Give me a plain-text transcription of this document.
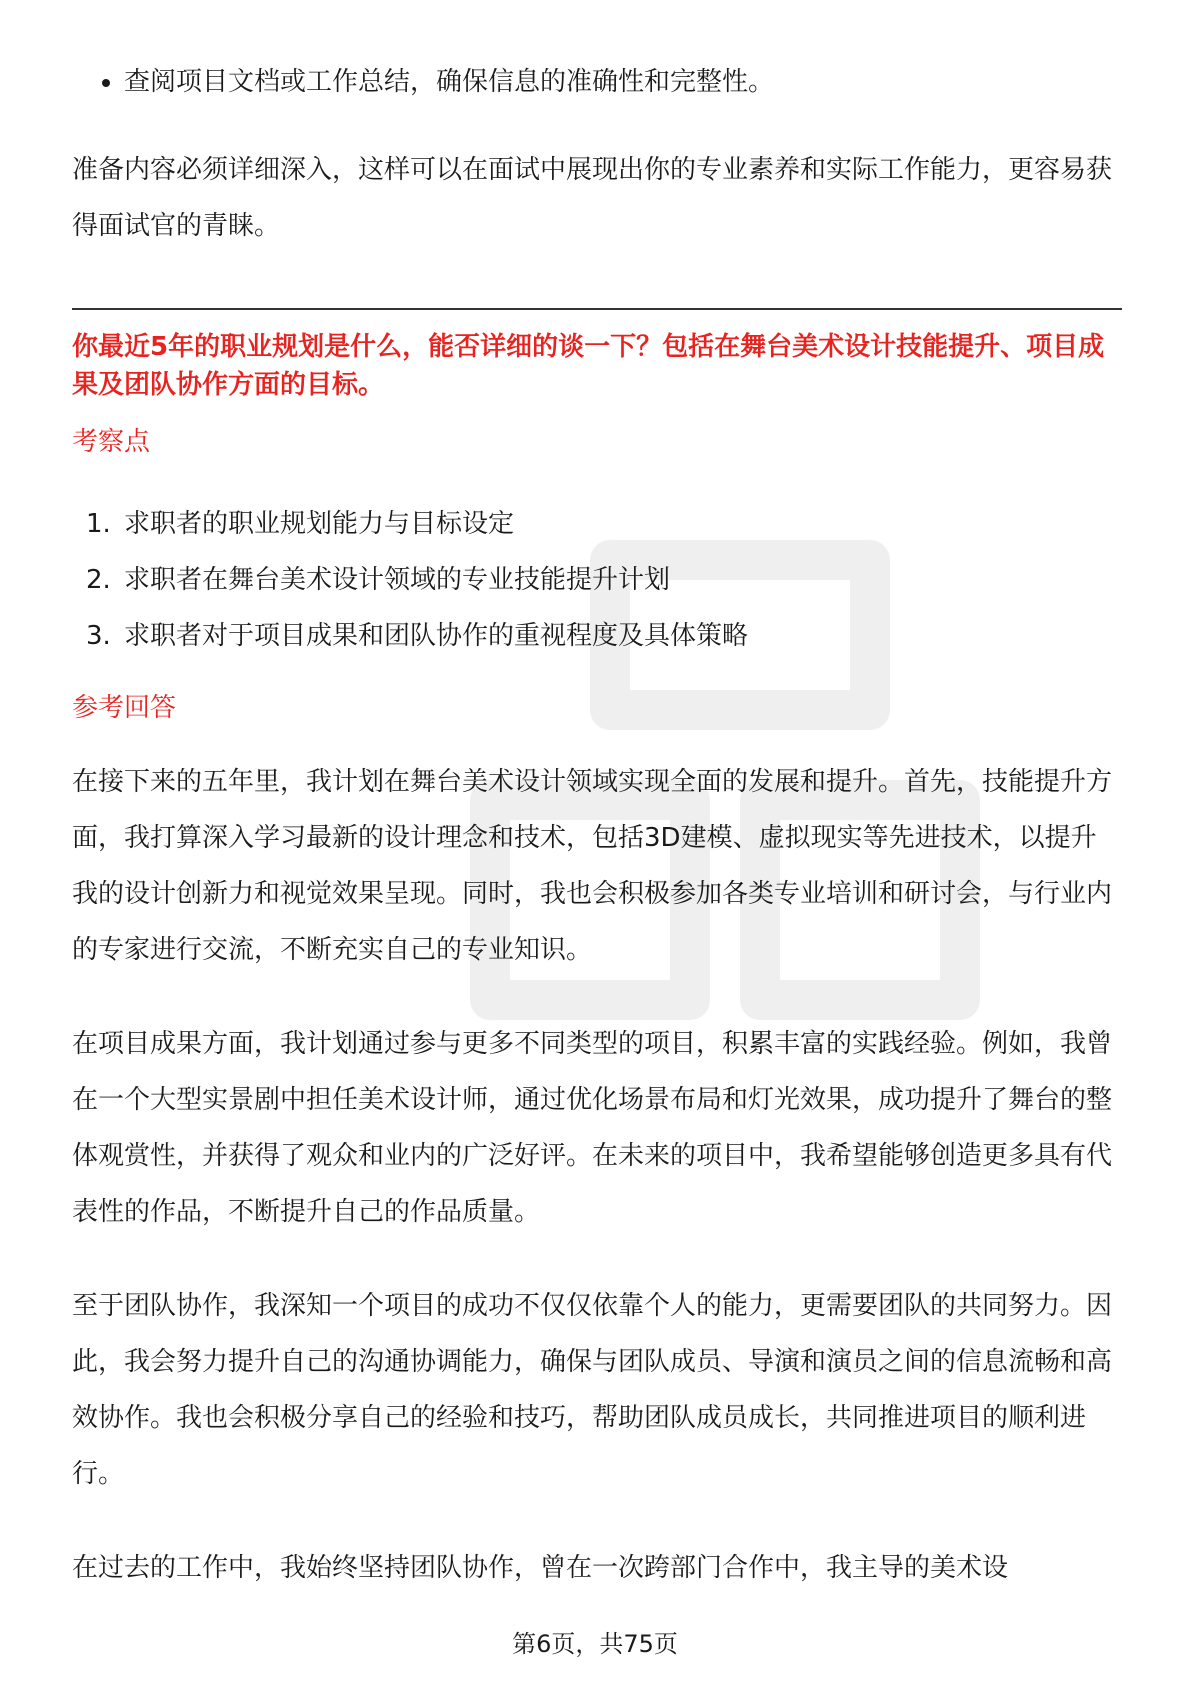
查阅项目文档或工作总结，确保信息的准确性和完整性。

准备内容必须详细深入，这样可以在面试中展现出你的专业素养和实际工作能力，更容易获得面试官的青睐。

你最近5年的职业规划是什么，能否详细的谈一下？包括在舞台美术设计技能提升、项目成果及团队协作方面的目标。

考察点

1. 求职者的职业规划能力与目标设定
2. 求职者在舞台美术设计领域的专业技能提升计划
3. 求职者对于项目成果和团队协作的重视程度及具体策略

参考回答

在接下来的五年里，我计划在舞台美术设计领域实现全面的发展和提升。首先，技能提升方面，我打算深入学习最新的设计理念和技术，包括3D建模、虚拟现实等先进技术，以提升我的设计创新力和视觉效果呈现。同时，我也会积极参加各类专业培训和研讨会，与行业内的专家进行交流，不断充实自己的专业知识。

在项目成果方面，我计划通过参与更多不同类型的项目，积累丰富的实践经验。例如，我曾在一个大型实景剧中担任美术设计师，通过优化场景布局和灯光效果，成功提升了舞台的整体观赏性，并获得了观众和业内的广泛好评。在未来的项目中，我希望能够创造更多具有代表性的作品，不断提升自己的作品质量。

至于团队协作，我深知一个项目的成功不仅仅依靠个人的能力，更需要团队的共同努力。因此，我会努力提升自己的沟通协调能力，确保与团队成员、导演和演员之间的信息流畅和高效协作。我也会积极分享自己的经验和技巧，帮助团队成员成长，共同推进项目的顺利进行。

在过去的工作中，我始终坚持团队协作，曾在一次跨部门合作中，我主导的美术设

第6页，共75页
